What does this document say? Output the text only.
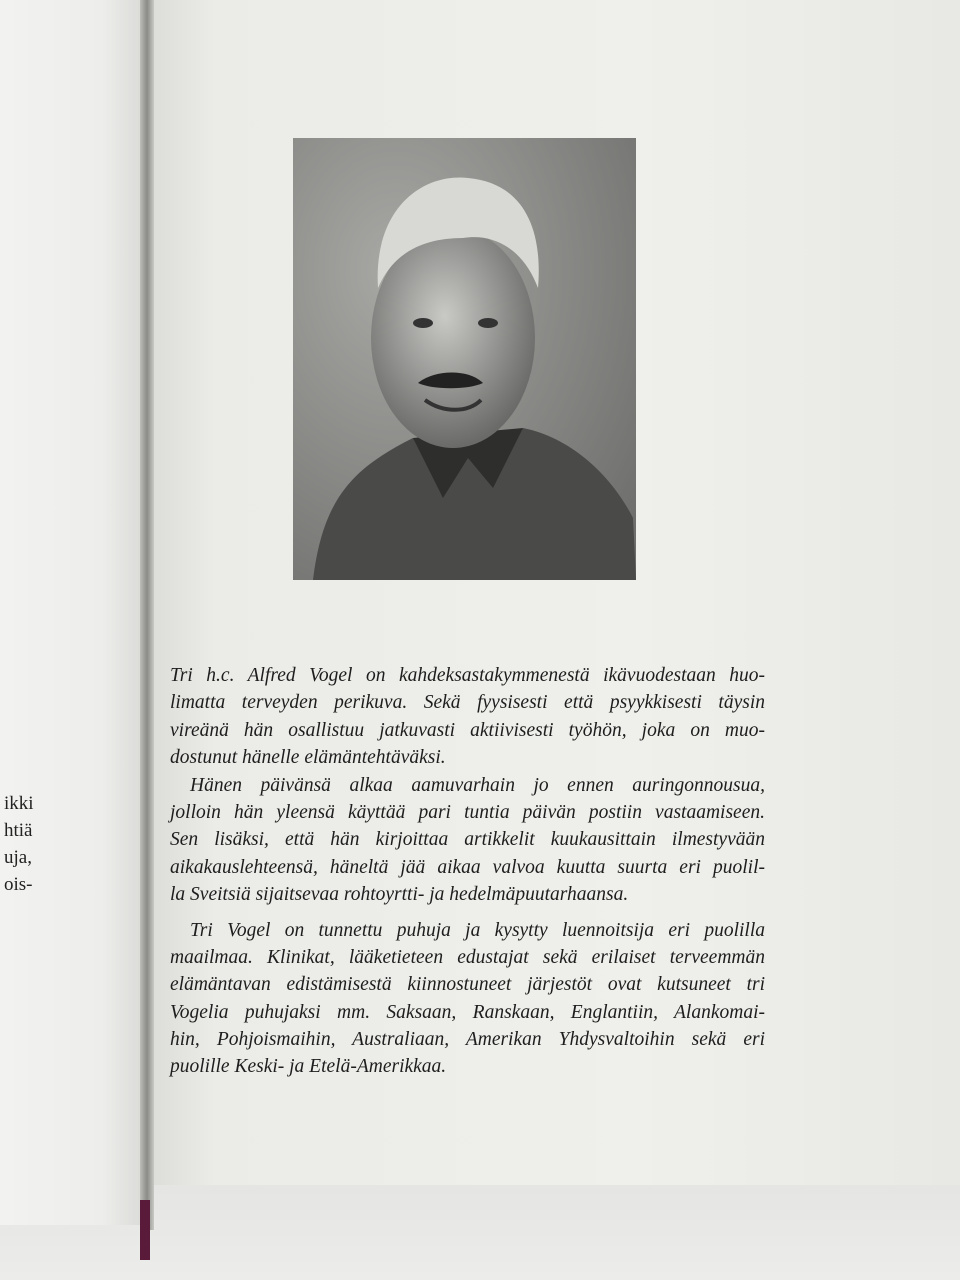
ikki
htiä
uja,
ois-
Tri h.c. Alfred Vogel on kahdeksastakymmenestä ikävuodestaan huo-
limatta terveyden perikuva. Sekä fyysisesti että psyykkisesti täysin
vireänä hän osallistuu jatkuvasti aktiivisesti työhön, joka on muo-
dostunut hänelle elämäntehtäväksi.
Hänen päivänsä alkaa aamuvarhain jo ennen auringonnousua,
jolloin hän yleensä käyttää pari tuntia päivän postiin vastaamiseen.
Sen lisäksi, että hän kirjoittaa artikkelit kuukausittain ilmestyvään
aikakauslehteensä, häneltä jää aikaa valvoa kuutta suurta eri puolil-
la Sveitsiä sijaitsevaa rohtoyrtti- ja hedelmäpuutarhaansa.
Tri Vogel on tunnettu puhuja ja kysytty luennoitsija eri puolilla
maailmaa. Klinikat, lääketieteen edustajat sekä erilaiset terveemmän
elämäntavan edistämisestä kiinnostuneet järjestöt ovat kutsuneet tri
Vogelia puhujaksi mm. Saksaan, Ranskaan, Englantiin, Alankomai-
hin, Pohjoismaihin, Australiaan, Amerikan Yhdysvaltoihin sekä eri
puolille Keski- ja Etelä-Amerikkaa.
